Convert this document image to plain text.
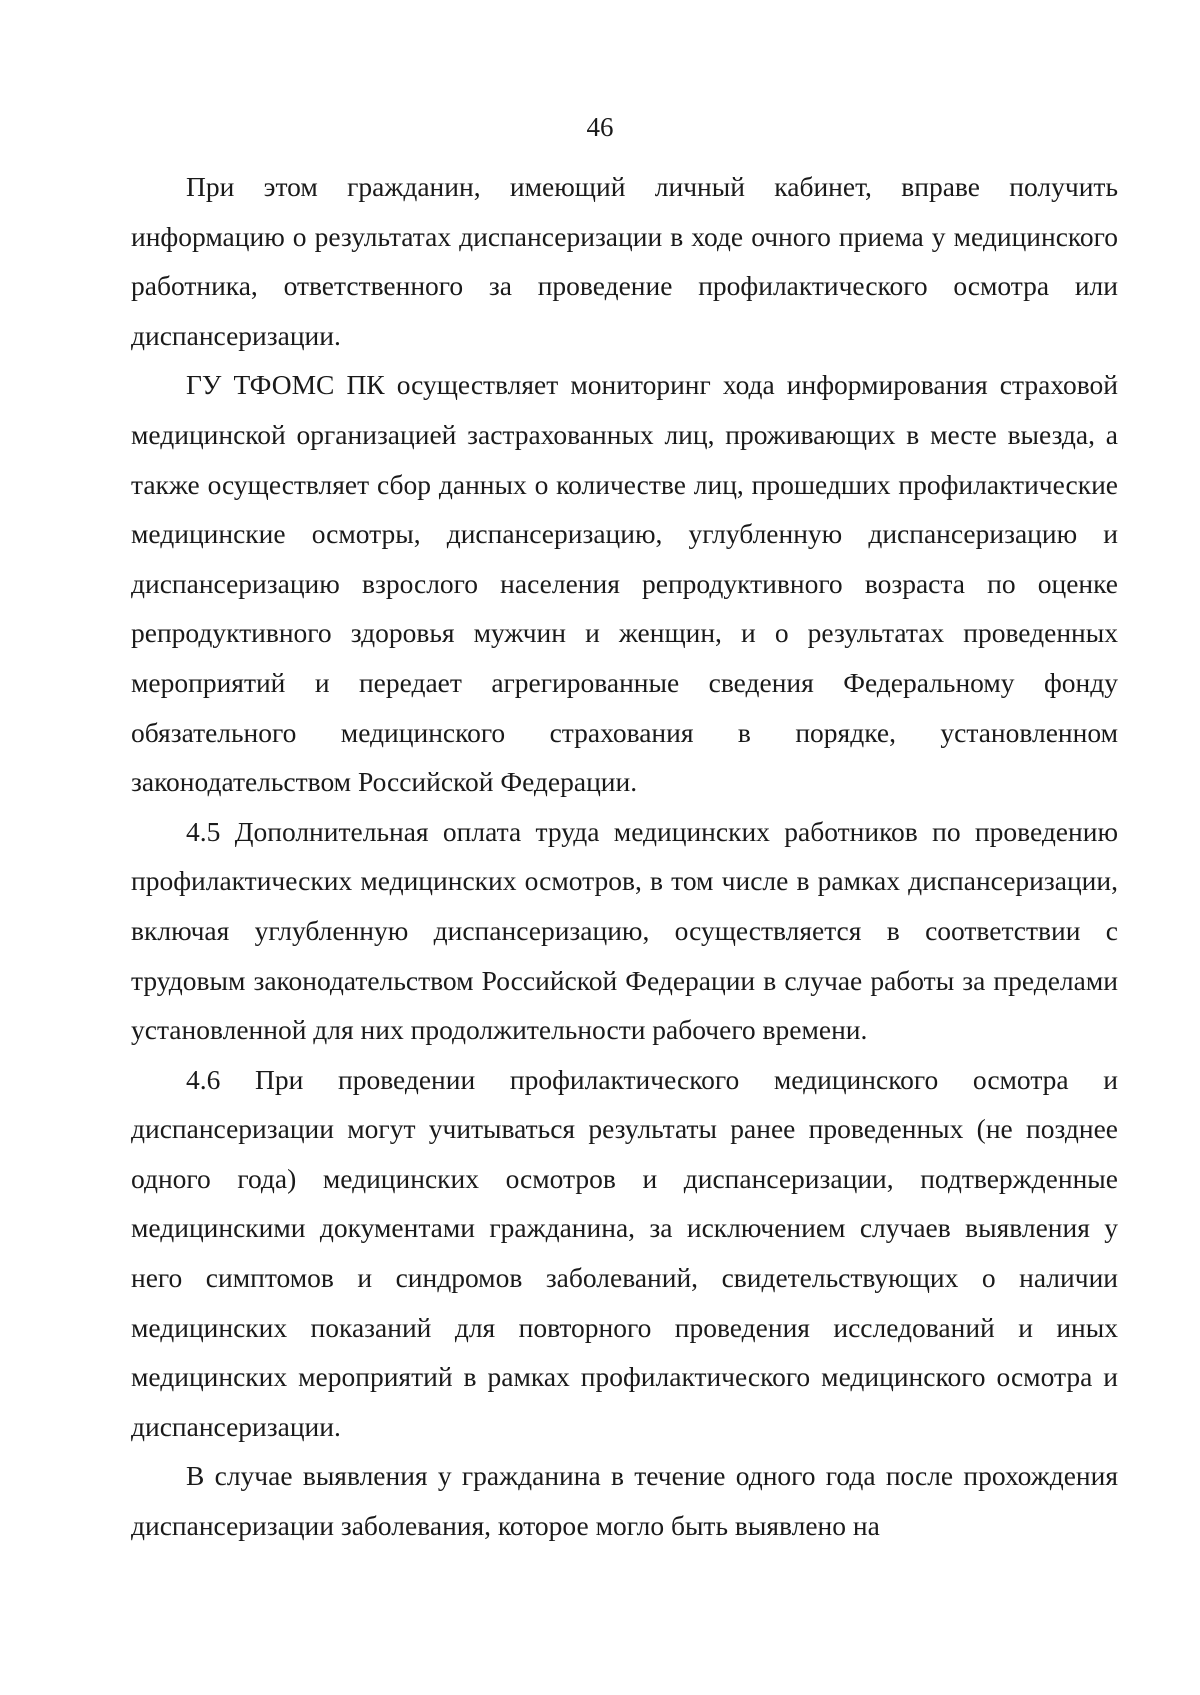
46

При этом гражданин, имеющий личный кабинет, вправе получить информацию о результатах диспансеризации в ходе очного приема у медицинского работника, ответственного за проведение профилактического осмотра или диспансеризации.

ГУ ТФОМС ПК осуществляет мониторинг хода информирования страховой медицинской организацией застрахованных лиц, проживающих в месте выезда, а также осуществляет сбор данных о количестве лиц, прошедших профилактические медицинские осмотры, диспансеризацию, углубленную диспансеризацию и диспансеризацию взрослого населения репродуктивного возраста по оценке репродуктивного здоровья мужчин и женщин, и о результатах проведенных мероприятий и передает агрегированные сведения Федеральному фонду обязательного медицинского страхования в порядке, установленном законодательством Российской Федерации.

4.5 Дополнительная оплата труда медицинских работников по проведению профилактических медицинских осмотров, в том числе в рамках диспансеризации, включая углубленную диспансеризацию, осуществляется в соответствии с трудовым законодательством Российской Федерации в случае работы за пределами установленной для них продолжительности рабочего времени.

4.6 При проведении профилактического медицинского осмотра и диспансеризации могут учитываться результаты ранее проведенных (не позднее одного года) медицинских осмотров и диспансеризации, подтвержденные медицинскими документами гражданина, за исключением случаев выявления у него симптомов и синдромов заболеваний, свидетельствующих о наличии медицинских показаний для повторного проведения исследований и иных медицинских мероприятий в рамках профилактического медицинского осмотра и диспансеризации.

В случае выявления у гражданина в течение одного года после прохождения диспансеризации заболевания, которое могло быть выявлено на
